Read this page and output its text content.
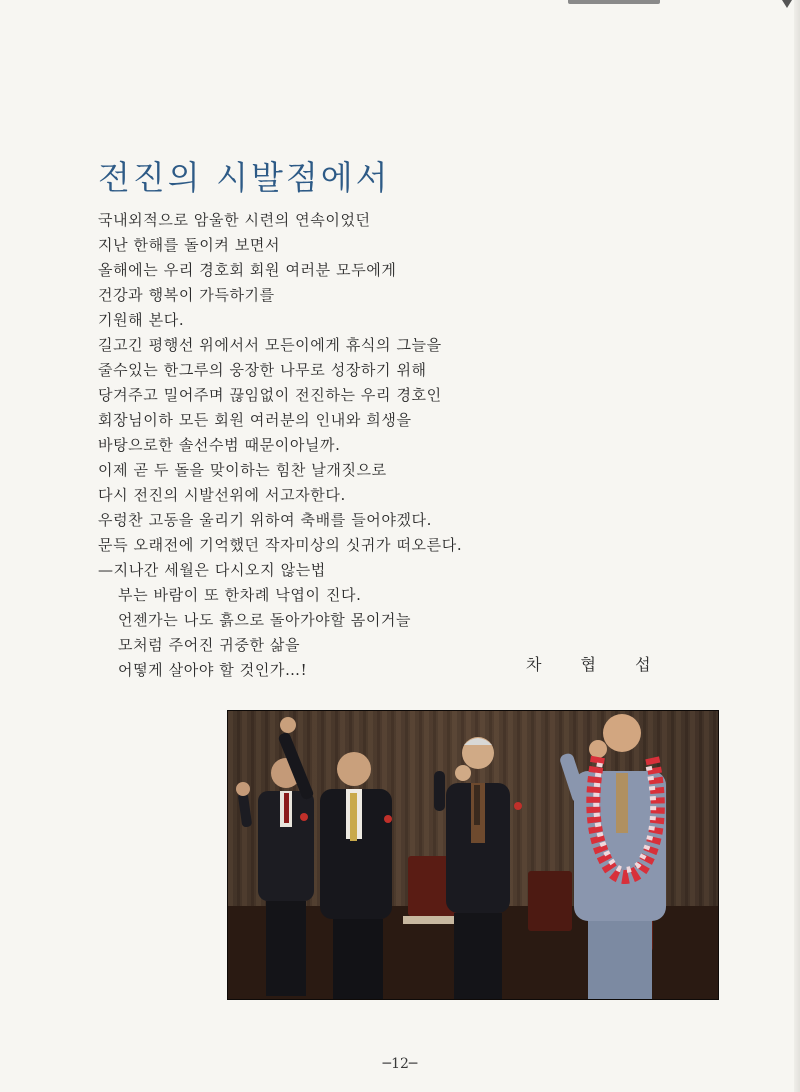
전진의 시발점에서
국내외적으로 암울한 시련의 연속이었던
지난 한해를 돌이켜 보면서
올해에는 우리 경호회 회원 여러분 모두에게
건강과 행복이 가득하기를
기원해 본다.
길고긴 평행선 위에서서 모든이에게 휴식의 그늘을
줄수있는 한그루의 웅장한 나무로 성장하기 위해
당겨주고 밀어주며 끊임없이 전진하는 우리 경호인
회장님이하 모든 회원 여러분의 인내와 희생을
바탕으로한 솔선수범 때문이아닐까.
이제 곧 두 돌을 맞이하는 힘찬 날개짓으로
다시 전진의 시발선위에 서고자한다.
우렁찬 고동을 울리기 위하여 축배를 들어야겠다.
문득 오래전에 기억했던 작자미상의 싯귀가 떠오른다.
—지나간 세월은 다시오지 않는법
부는 바람이 또 한차례 낙엽이 진다.
언젠가는 나도 흙으로 돌아가야할 몸이거늘
모처럼 주어진 귀중한 삶을
어떻게 살아야 할 것인가…!	차 협 섭
─12─
